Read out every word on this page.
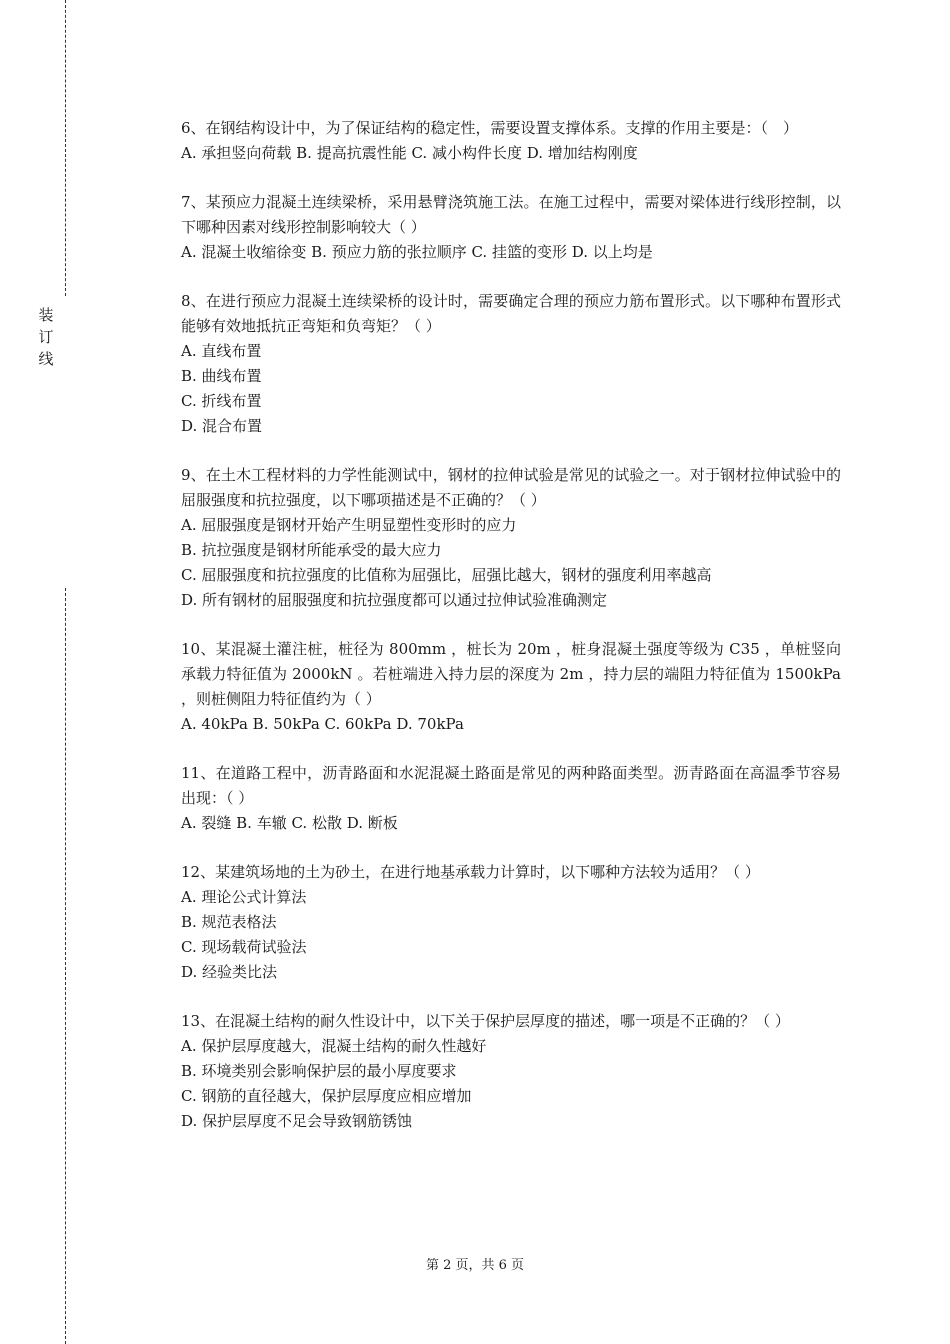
装
订
线

6、在钢结构设计中，为了保证结构的稳定性，需要设置支撑体系。支撑的作用主要是：（　）

A. 承担竖向荷载 B. 提高抗震性能 C. 减小构件长度 D. 增加结构刚度

7、某预应力混凝土连续梁桥，采用悬臂浇筑施工法。在施工过程中，需要对梁体进行线形控制，以下哪种因素对线形控制影响较大（ ）

A. 混凝土收缩徐变 B. 预应力筋的张拉顺序 C. 挂篮的变形 D. 以上均是

8、在进行预应力混凝土连续梁桥的设计时，需要确定合理的预应力筋布置形式。以下哪种布置形式能够有效地抵抗正弯矩和负弯矩？（ ）

A. 直线布置

B. 曲线布置

C. 折线布置

D. 混合布置

9、在土木工程材料的力学性能测试中，钢材的拉伸试验是常见的试验之一。对于钢材拉伸试验中的屈服强度和抗拉强度，以下哪项描述是不正确的？（ ）

A. 屈服强度是钢材开始产生明显塑性变形时的应力

B. 抗拉强度是钢材所能承受的最大应力

C. 屈服强度和抗拉强度的比值称为屈强比，屈强比越大，钢材的强度利用率越高

D. 所有钢材的屈服强度和抗拉强度都可以通过拉伸试验准确测定

10、某混凝土灌注桩，桩径为 800mm ，桩长为 20m ，桩身混凝土强度等级为 C35 ，单桩竖向承载力特征值为 2000kN 。若桩端进入持力层的深度为 2m ，持力层的端阻力特征值为 1500kPa ，则桩侧阻力特征值约为（ ）

A. 40kPa B. 50kPa C. 60kPa D. 70kPa

11、在道路工程中，沥青路面和水泥混凝土路面是常见的两种路面类型。沥青路面在高温季节容易出现：（ ）

A. 裂缝 B. 车辙 C. 松散 D. 断板

12、某建筑场地的土为砂土，在进行地基承载力计算时，以下哪种方法较为适用？（ ）

A. 理论公式计算法

B. 规范表格法

C. 现场载荷试验法

D. 经验类比法

13、在混凝土结构的耐久性设计中，以下关于保护层厚度的描述，哪一项是不正确的？（ ）

A. 保护层厚度越大，混凝土结构的耐久性越好

B. 环境类别会影响保护层的最小厚度要求

C. 钢筋的直径越大，保护层厚度应相应增加

D. 保护层厚度不足会导致钢筋锈蚀

第 2 页，共 6 页
